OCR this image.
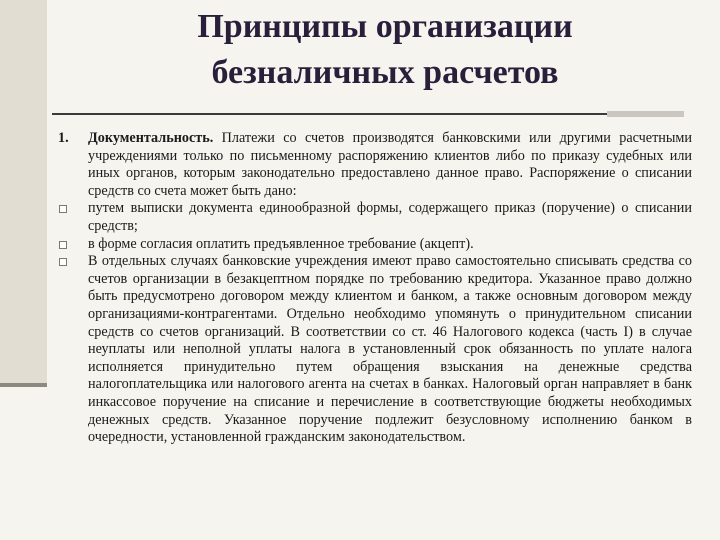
Принципы организации
безналичных расчетов
1. Документальность. Платежи со счетов производятся банковскими или другими расчетными учреждениями только по письменному распоряжению клиентов либо по приказу судебных или иных органов, которым законодательно предоставлено данное право. Распоряжение о списании средств со счета может быть дано:
путем выписки документа единообразной формы, содержащего приказ (поручение) о списании средств;
в форме согласия оплатить предъявленное требование (акцепт).
В отдельных случаях банковские учреждения имеют право самостоятельно списывать средства со счетов организации в безакцептном порядке по требованию кредитора. Указанное право должно быть предусмотрено договором между клиентом и банком, а также основным договором между организациями-контрагентами. Отдельно необходимо упомянуть о принудительном списании средств со счетов организаций. В соответствии со ст. 46 Налогового кодекса (часть I) в случае неуплаты или неполной уплаты налога в установленный срок обязанность по уплате налога исполняется принудительно путем обращения взыскания на денежные средства налогоплательщика или налогового агента на счетах в банках. Налоговый орган направляет в банк инкассовое поручение на списание и перечисление в соответствующие бюджеты необходимых денежных средств. Указанное поручение подлежит безусловному исполнению банком в очередности, установленной гражданским законодательством.
